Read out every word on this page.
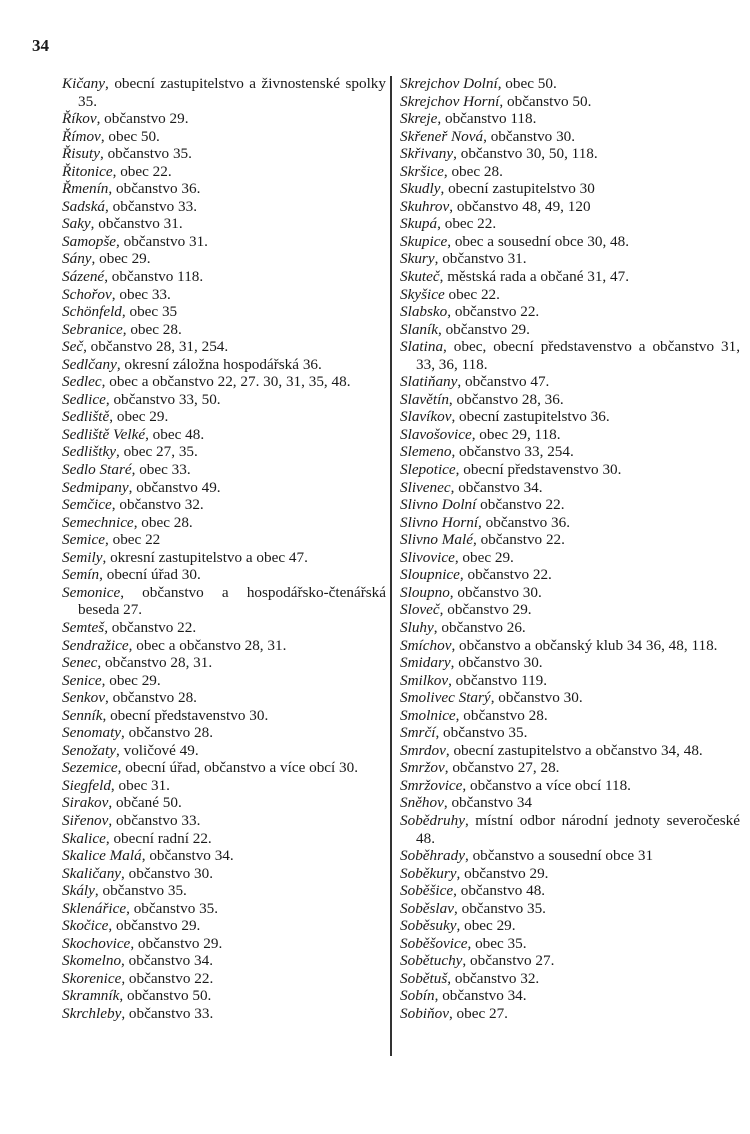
34
Kičany, obecní zastupitelstvo a živnostenské spolky 35.
Říkov, občanstvo 29.
Římov, obec 50.
Řisuty, občanstvo 35.
Řitonice, obec 22.
Řmenín, občanstvo 36.
Sadská, občanstvo 33.
Saky, občanstvo 31.
Samopše, občanstvo 31.
Sány, obec 29.
Sázené, občanstvo 118.
Schořov, obec 33.
Schönfeld, obec 35
Sebranice, obec 28.
Seč, občanstvo 28, 31, 254.
Sedlčany, okresní záložna hospodářská 36.
Sedlec, obec a občanstvo 22, 27. 30, 31, 35, 48.
Sedlice, občanstvo 33, 50.
Sedliště, obec 29.
Sedliště Velké, obec 48.
Sedlištky, obec 27, 35.
Sedlo Staré, obec 33.
Sedmipany, občanstvo 49.
Semčice, občanstvo 32.
Semechnice, obec 28.
Semice, obec 22
Semily, okresní zastupitelstvo a obec 47.
Semín, obecní úřad 30.
Semonice, občanstvo a hospodářsko-čtenářská beseda 27.
Semteš, občanstvo 22.
Sendražice, obec a občanstvo 28, 31.
Senec, občanstvo 28, 31.
Senice, obec 29.
Senkov, občanstvo 28.
Senník, obecní představenstvo 30.
Senomaty, občanstvo 28.
Senožaty, voličové 49.
Sezemice, obecní úřad, občanstvo a více obcí 30.
Siegfeld, obec 31.
Sirakov, občané 50.
Siřenov, občanstvo 33.
Skalice, obecní radní 22.
Skalice Malá, občanstvo 34.
Skaličany, občanstvo 30.
Skály, občanstvo 35.
Sklenářice, občanstvo 35.
Skočice, občanstvo 29.
Skochovice, občanstvo 29.
Skomelno, občanstvo 34.
Skorenice, občanstvo 22.
Skramník, občanstvo 50.
Skrchleby, občanstvo 33.
Skrejchov Dolní, obec 50.
Skrejchov Horní, občanstvo 50.
Skreje, občanstvo 118.
Skřeneř Nová, občanstvo 30.
Skřivany, občanstvo 30, 50, 118.
Skršice, obec 28.
Skudly, obecní zastupitelstvo 30
Skuhrov, občanstvo 48, 49, 120
Skupá, obec 22.
Skupice, obec a sousední obce 30, 48.
Skury, občanstvo 31.
Skuteč, městská rada a občané 31, 47.
Skyšice obec 22.
Slabsko, občanstvo 22.
Slaník, občanstvo 29.
Slatina, obec, obecní představenstvo a občanstvo 31, 33, 36, 118.
Slatiňany, občanstvo 47.
Slavětín, občanstvo 28, 36.
Slavíkov, obecní zastupitelstvo 36.
Slavošovice, obec 29, 118.
Slemeno, občanstvo 33, 254.
Slepotice, obecní představenstvo 30.
Slivenec, občanstvo 34.
Slivno Dolní občanstvo 22.
Slivno Horní, občanstvo 36.
Slivno Malé, občanstvo 22.
Slivovice, obec 29.
Sloupnice, občanstvo 22.
Sloupno, občanstvo 30.
Sloveč, občanstvo 29.
Sluhy, občanstvo 26.
Smíchov, občanstvo a občanský klub 34 36, 48, 118.
Smidary, občanstvo 30.
Smilkov, občanstvo 119.
Smolivec Starý, občanstvo 30.
Smolnice, občanstvo 28.
Smrčí, občanstvo 35.
Smrdov, obecní zastupitelstvo a občanstvo 34, 48.
Smržov, občanstvo 27, 28.
Smržovice, občanstvo a více obcí 118.
Sněhov, občanstvo 34
Sobědruhy, místní odbor národní jednoty severočeské 48.
Soběhrady, občanstvo a sousední obce 31
Soběkury, občanstvo 29.
Soběšice, občanstvo 48.
Soběslav, občanstvo 35.
Soběsuky, obec 29.
Soběšovice, obec 35.
Sobětuchy, občanstvo 27.
Sobětuš, občanstvo 32.
Sobín, občanstvo 34.
Sobiňov, obec 27.
